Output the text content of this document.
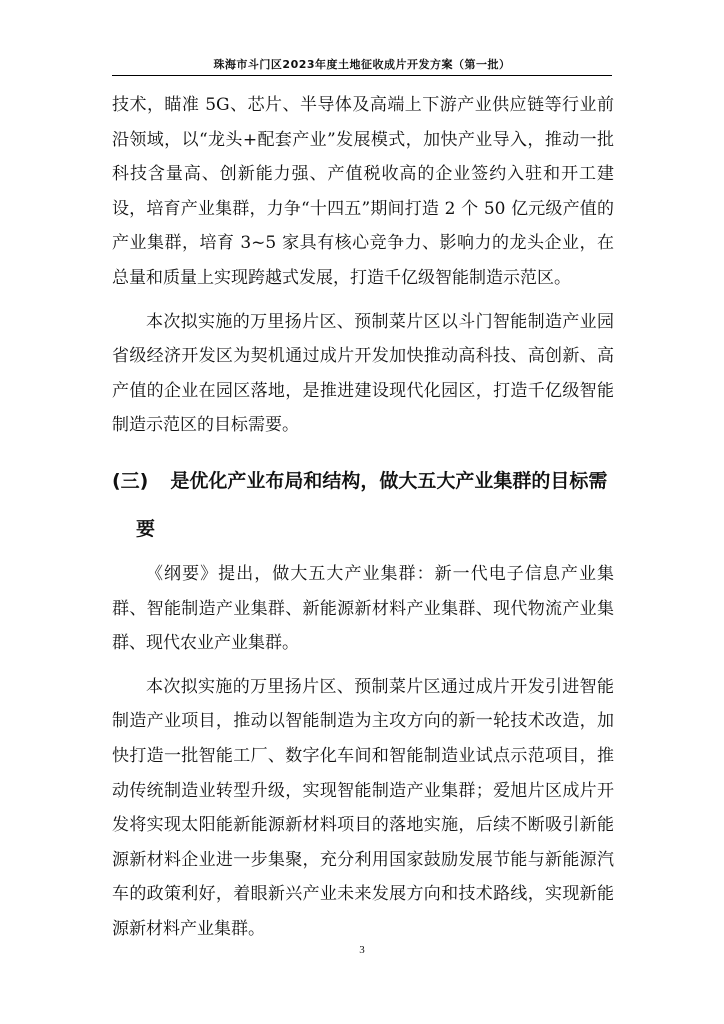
珠海市斗门区2023年度土地征收成片开发方案（第一批）

技术，瞄准 5G、芯片、半导体及高端上下游产业供应链等行业前沿领域，以“龙头+配套产业”发展模式，加快产业导入，推动一批科技含量高、创新能力强、产值税收高的企业签约入驻和开工建设，培育产业集群，力争“十四五”期间打造 2 个 50 亿元级产值的产业集群，培育 3~5 家具有核心竞争力、影响力的龙头企业，在总量和质量上实现跨越式发展，打造千亿级智能制造示范区。

本次拟实施的万里扬片区、预制菜片区以斗门智能制造产业园省级经济开发区为契机通过成片开发加快推动高科技、高创新、高产值的企业在园区落地，是推进建设现代化园区，打造千亿级智能制造示范区的目标需要。

(三) 是优化产业布局和结构，做大五大产业集群的目标需要

《纲要》提出，做大五大产业集群：新一代电子信息产业集群、智能制造产业集群、新能源新材料产业集群、现代物流产业集群、现代农业产业集群。

本次拟实施的万里扬片区、预制菜片区通过成片开发引进智能制造产业项目，推动以智能制造为主攻方向的新一轮技术改造，加快打造一批智能工厂、数字化车间和智能制造业试点示范项目，推动传统制造业转型升级，实现智能制造产业集群；爱旭片区成片开发将实现太阳能新能源新材料项目的落地实施，后续不断吸引新能源新材料企业进一步集聚，充分利用国家鼓励发展节能与新能源汽车的政策利好，着眼新兴产业未来发展方向和技术路线，实现新能源新材料产业集群。

3
